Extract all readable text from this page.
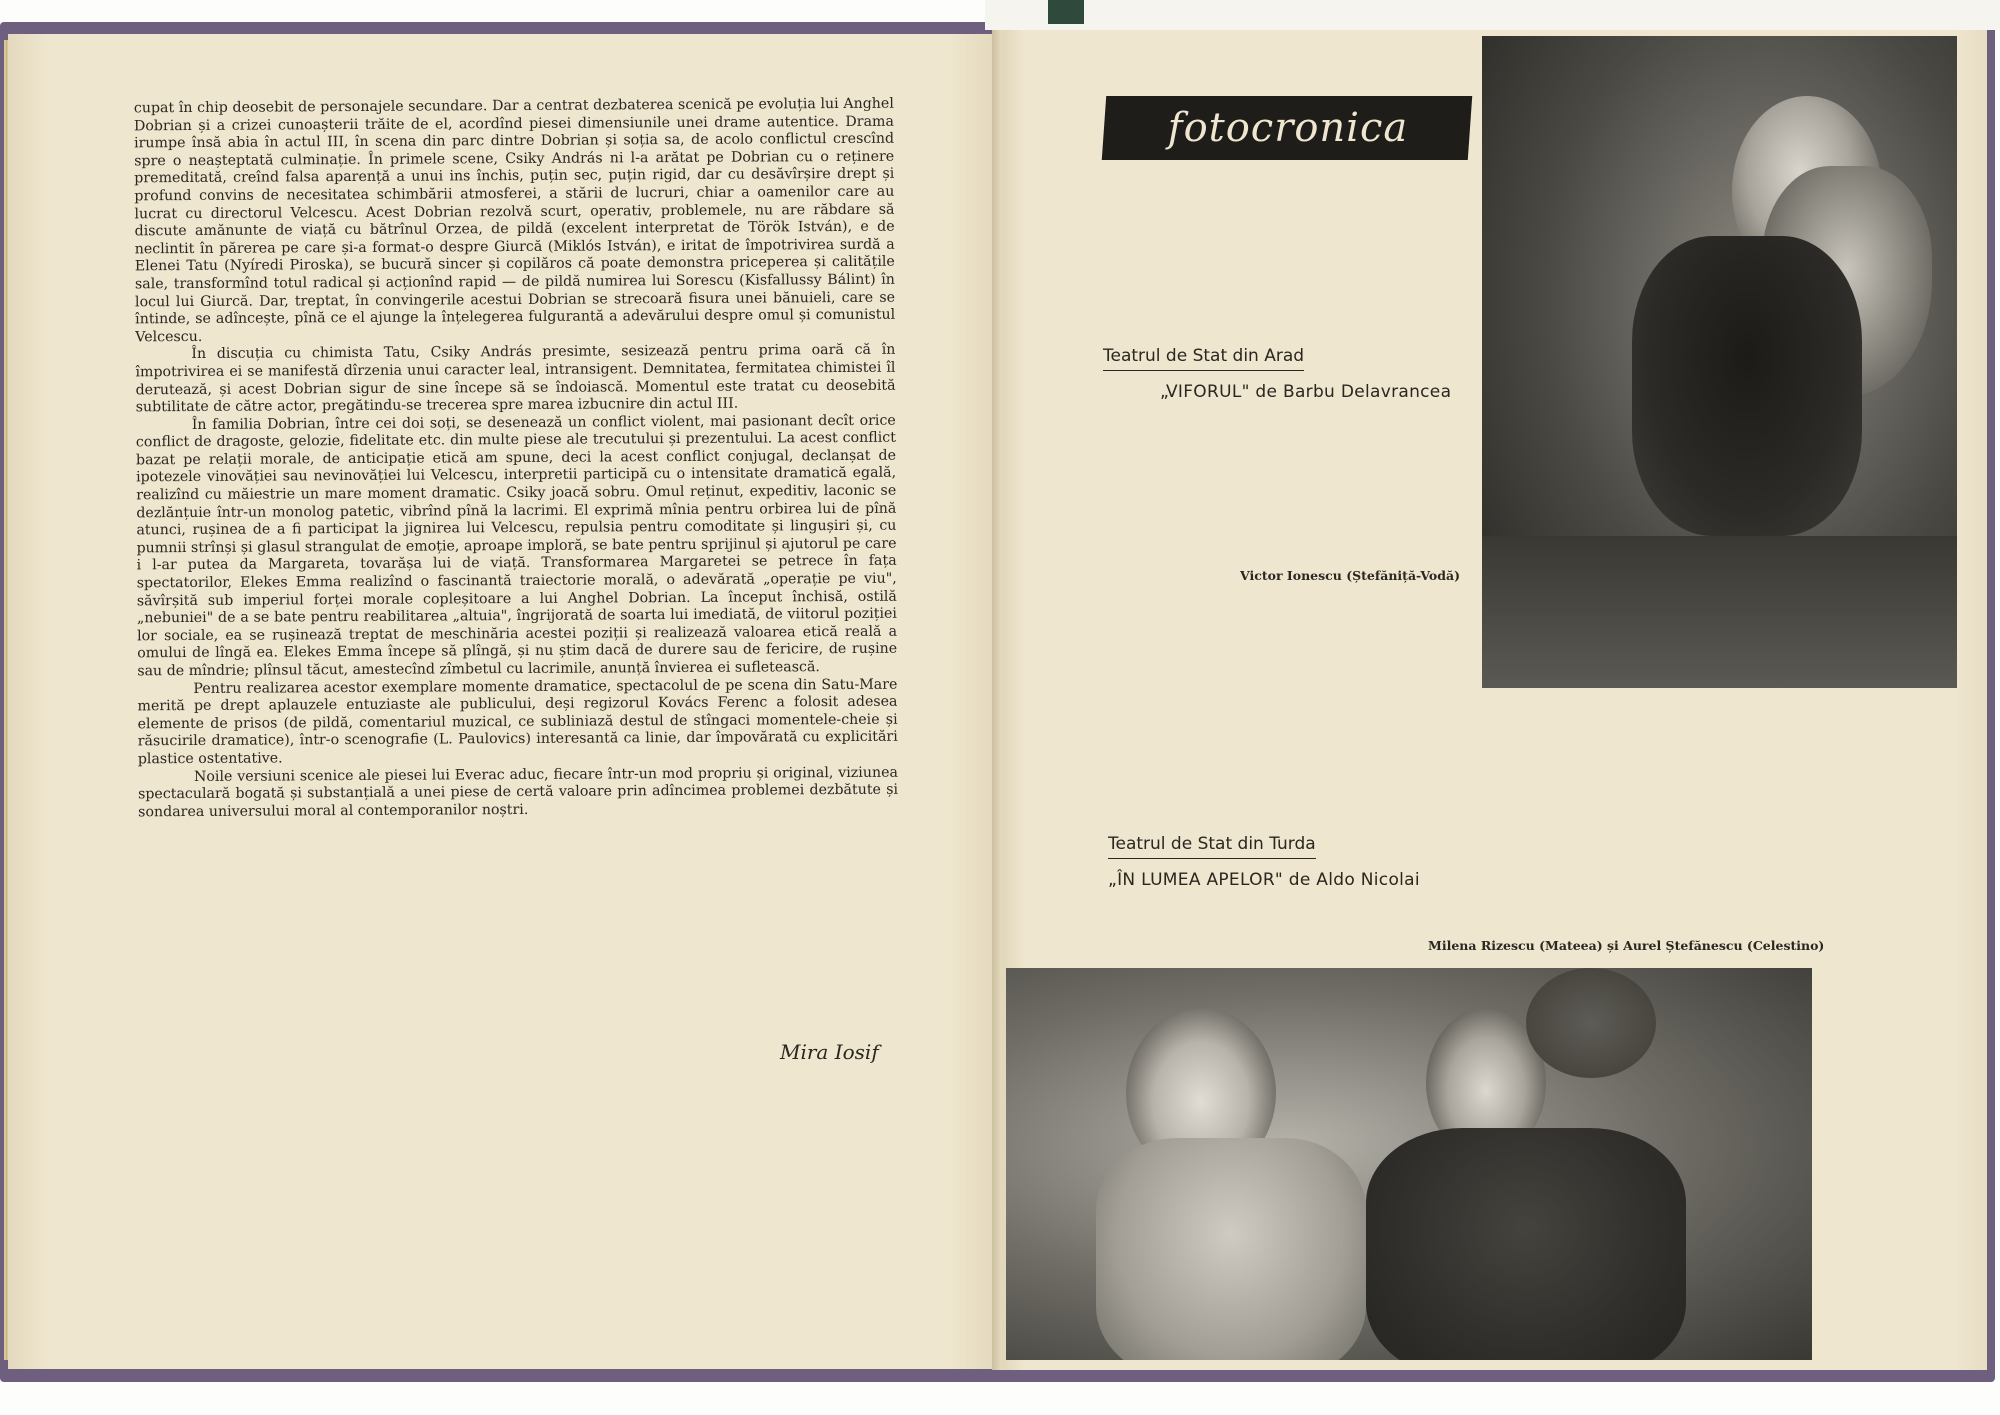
cupat în chip deosebit de personajele secundare. Dar a centrat dezbaterea scenică pe evoluția lui Anghel Dobrian și a crizei cunoașterii trăite de el, acordînd piesei dimensiunile unei drame autentice. Drama irumpe însă abia în actul III, în scena din parc dintre Dobrian și soția sa, de acolo conflictul crescînd spre o neașteptată culminație. În primele scene, Csiky András ni l-a arătat pe Dobrian cu o reținere premeditată, creînd falsa aparență a unui ins închis, puțin sec, puțin rigid, dar cu desăvîrșire drept și profund convins de necesitatea schimbării atmosferei, a stării de lucruri, chiar a oamenilor care au lucrat cu directorul Velcescu. Acest Dobrian rezolvă scurt, operativ, problemele, nu are răbdare să discute amănunte de viață cu bătrînul Orzea, de pildă (excelent interpretat de Török István), e de neclintit în părerea pe care și-a format-o despre Giurcă (Miklós István), e iritat de împotrivirea surdă a Elenei Tatu (Nyíredi Piroska), se bucură sincer și copilăros că poate demonstra priceperea și calitățile sale, transformînd totul radical și acționînd rapid — de pildă numirea lui Sorescu (Kisfallussy Bálint) în locul lui Giurcă. Dar, treptat, în convingerile acestui Dobrian se strecoară fisura unei bănuieli, care se întinde, se adîncește, pînă ce el ajunge la înțelegerea fulgurantă a adevărului despre omul și comunistul Velcescu.

În discuția cu chimista Tatu, Csiky András presimte, sesizează pentru prima oară că în împotrivirea ei se manifestă dîrzenia unui caracter leal, intransigent. Demnitatea, fermitatea chimistei îl derutează, și acest Dobrian sigur de sine începe să se îndoiască. Momentul este tratat cu deosebită subtilitate de către actor, pregătindu-se trecerea spre marea izbucnire din actul III.

În familia Dobrian, între cei doi soți, se desenează un conflict violent, mai pasionant decît orice conflict de dragoste, gelozie, fidelitate etc. din multe piese ale trecutului și prezentului. La acest conflict bazat pe relații morale, de anticipație etică am spune, deci la acest conflict conjugal, declanșat de ipotezele vinovăției sau nevinovăției lui Velcescu, interpretii participă cu o intensitate dramatică egală, realizînd cu măiestrie un mare moment dramatic. Csiky joacă sobru. Omul reținut, expeditiv, laconic se dezlănțuie într-un monolog patetic, vibrînd pînă la lacrimi. El exprimă mînia pentru orbirea lui de pînă atunci, rușinea de a fi participat la jignirea lui Velcescu, repulsia pentru comoditate și lingușiri și, cu pumnii strînși și glasul strangulat de emoție, aproape imploră, se bate pentru sprijinul și ajutorul pe care i l-ar putea da Margareta, tovarășa lui de viață. Transformarea Margaretei se petrece în fața spectatorilor, Elekes Emma realizînd o fascinantă traiectorie morală, o adevărată „operație pe viu", săvîrșită sub imperiul forței morale copleșitoare a lui Anghel Dobrian. La început închisă, ostilă „nebuniei" de a se bate pentru reabilitarea „altuia", îngrijorată de soarta lui imediată, de viitorul poziției lor sociale, ea se rușinează treptat de meschinăria acestei poziții și realizează valoarea etică reală a omului de lîngă ea. Elekes Emma începe să plîngă, și nu știm dacă de durere sau de fericire, de rușine sau de mîndrie; plînsul tăcut, amestecînd zîmbetul cu lacrimile, anunță învierea ei sufletească.

Pentru realizarea acestor exemplare momente dramatice, spectacolul de pe scena din Satu-Mare merită pe drept aplauzele entuziaste ale publicului, deși regizorul Kovács Ferenc a folosit adesea elemente de prisos (de pildă, comentariul muzical, ce subliniază destul de stîngaci momentele-cheie și răsucirile dramatice), într-o scenografie (L. Paulovics) interesantă ca linie, dar împovărată cu explicitări plastice ostentative.

Noile versiuni scenice ale piesei lui Everac aduc, fiecare într-un mod propriu și original, viziunea spectaculară bogată și substanțială a unei piese de certă valoare prin adîncimea problemei dezbătute și sondarea universului moral al contemporanilor noștri.

Mira Iosif
fotocronica
Teatrul de Stat din Arad
„VIFORUL" de Barbu Delavrancea
Victor Ionescu (Ștefăniță-Vodă)
Teatrul de Stat din Turda
„ÎN LUMEA APELOR" de Aldo Nicolai
Milena Rizescu (Mateea) și Aurel Ștefănescu (Celestino)
